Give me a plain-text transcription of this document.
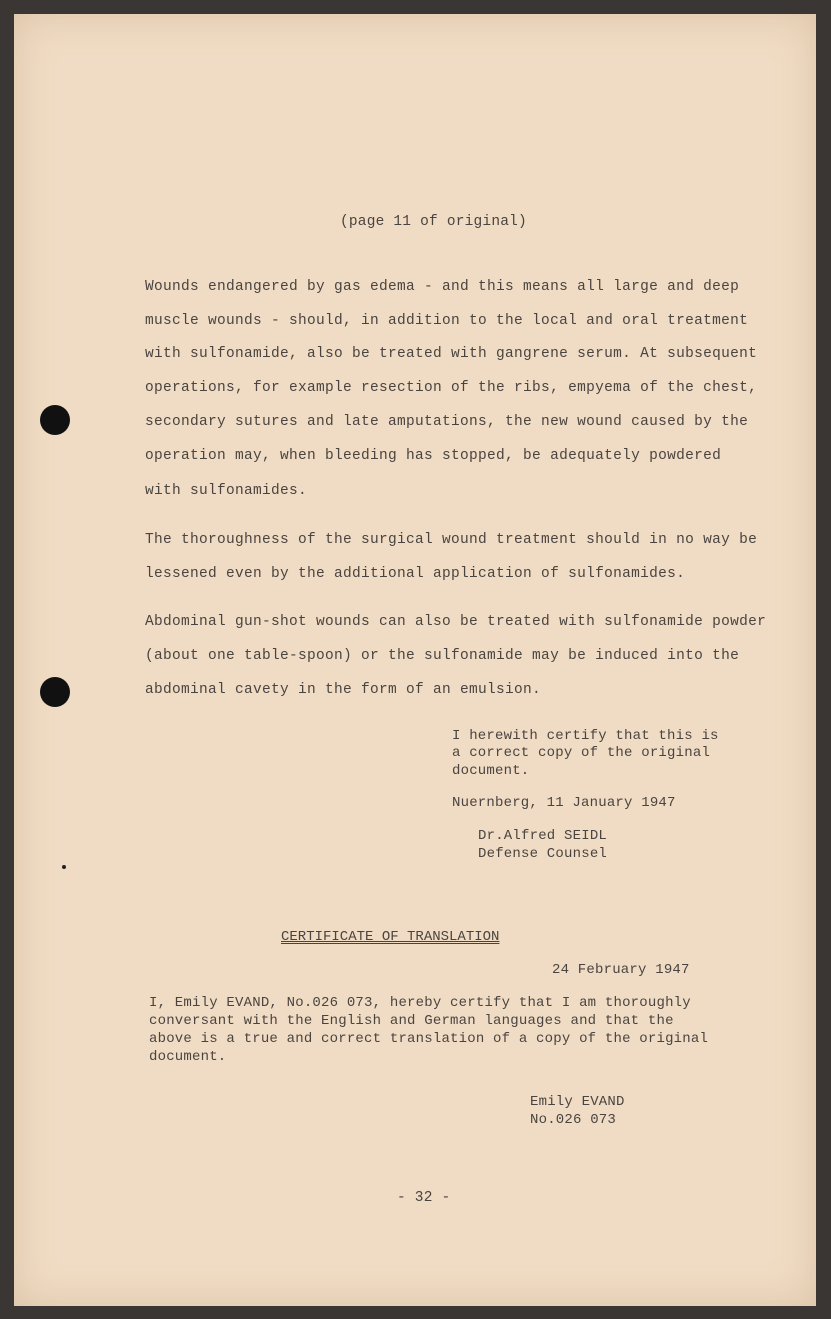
(page 11 of original)
Wounds endangered by gas edema - and this means all large and deep
muscle wounds - should, in addition to the local and oral treatment
with sulfonamide, also be treated with gangrene serum. At subsequent
operations, for example resection of the ribs, empyema of the chest,
secondary sutures and late amputations, the new wound caused by the
operation may, when bleeding has stopped, be adequately powdered
with sulfonamides.
The thoroughness of the surgical wound treatment should in no way be
lessened even by the additional application of sulfonamides.
Abdominal gun-shot wounds can also be treated with sulfonamide powder
(about one table-spoon) or the sulfonamide may be induced into the
abdominal cavety in the form of an emulsion.
I herewith certify that this is
a correct copy of the original
document.
Nuernberg, 11 January 1947
Dr.Alfred SEIDL
Defense Counsel
CERTIFICATE OF TRANSLATION
24 February 1947
I, Emily EVAND, No.026 073, hereby certify that I am thoroughly
conversant with the English and German languages and that the
above is a true and correct translation of a copy of the original
document.
Emily EVAND
No.026 073
- 32 -
